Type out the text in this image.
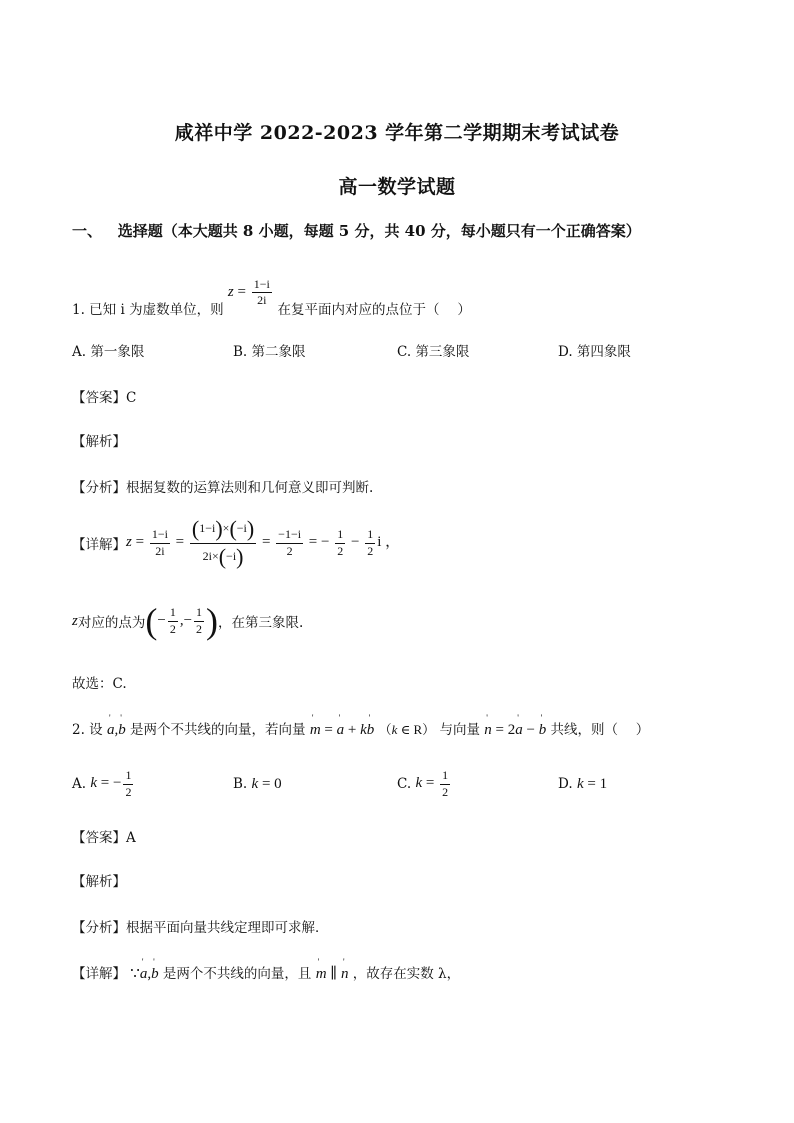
咸祥中学 2022-2023 学年第二学期期末考试试卷
高一数学试题
一、 选择题（本大题共 8 小题，每题 5 分，共 40 分，每小题只有一个正确答案）
1. 已知 i 为虚数单位，则 $z = \frac{1-i}{2i}$
在复平面内对应的点位于（　 ）
A. 第一象限	B. 第二象限	C. 第三象限	D. 第四象限
【答案】C
【解析】
【分析】根据复数的运算法则和几何意义即可判断.
【详解】 $z = \frac{1-i}{2i} = \frac{(1-i)\times(-i)}{2i\times(-i)} = \frac{-1-i}{2}$ = − $\frac{1}{2} - \frac{1}{2}$ i ，
z 对应的点为 (− $\frac{1}{2}$ ,− $\frac{1}{2}$ ) ，在第三象限.
故选：C.
2. 设 ' a,' b 是两个不共线的向量，若向量 ' m = ' a + k' b （k ∈ R） 与向量 ' n = 2' a − ' b 共线，则（　 ）
A.
k = − $\frac{1}{2}$	B.
k = 0	C.
$k = \frac{1}{2}$	D.
k = 1
【答案】A
【解析】
【分析】根据平面向量共线定理即可求解．
【详解】 ∵' a,' b 是两个不共线的向量，且 ' m ∥ ' n ，故存在实数 λ，
